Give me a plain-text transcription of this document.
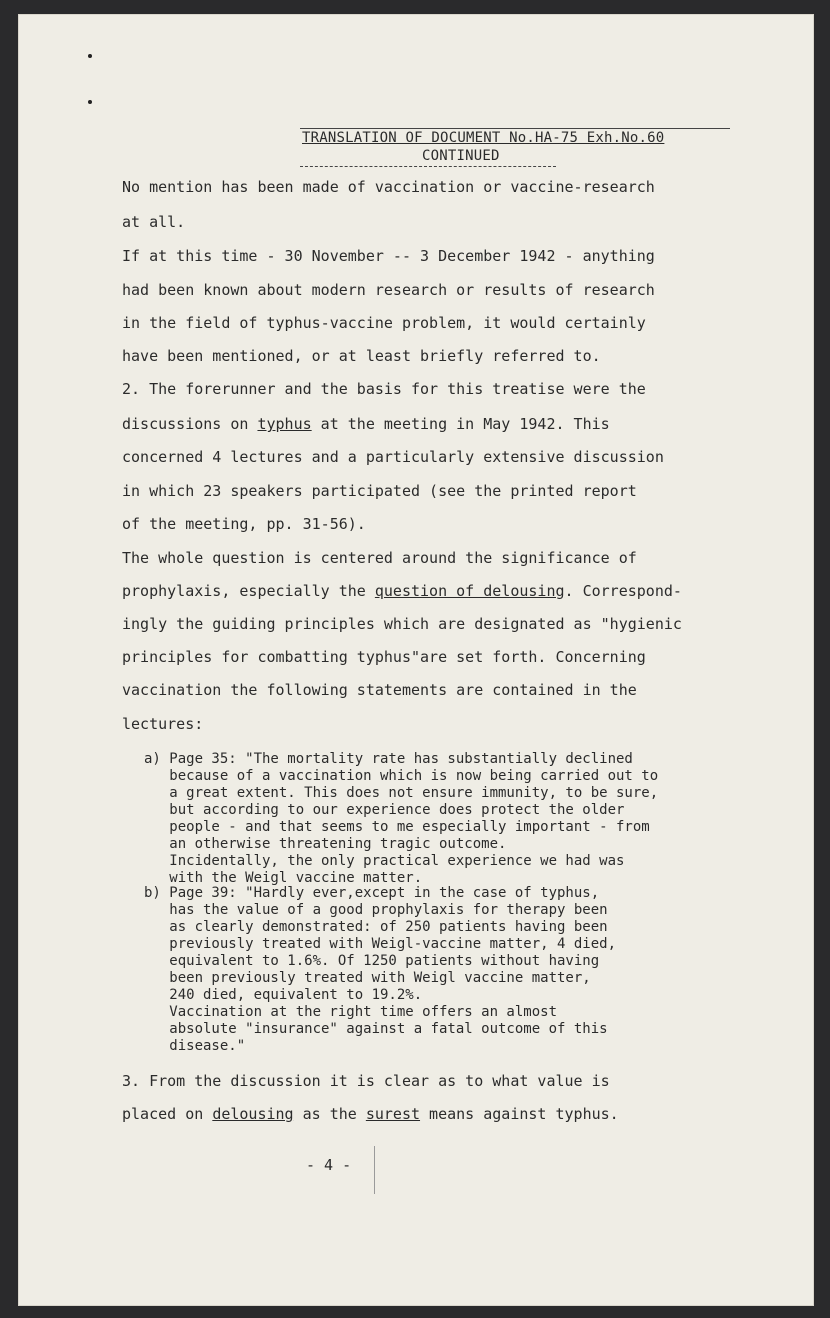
TRANSLATION OF DOCUMENT No.HA-75 Exh.No.60
CONTINUED
No mention has been made of vaccination or vaccine-research
at all.
If at this time - 30 November -- 3 December 1942 - anything
had been known about modern research or results of research
in the field of typhus-vaccine problem, it would certainly
have been mentioned, or at least briefly referred to.
2. The forerunner and the basis for this treatise were the
discussions on typhus at the meeting in May 1942. This
concerned 4 lectures and a particularly extensive discussion
in which 23 speakers participated (see the printed report
of the meeting, pp. 31-56).
The whole question is centered around the significance of
prophylaxis, especially the question of delousing. Correspond-
ingly the guiding principles which are designated as "hygienic
principles for combatting typhus"are set forth. Concerning
vaccination the following statements are contained in the
lectures:
a) Page 35: "The mortality rate has substantially declined
because of a vaccination which is now being carried out to
a great extent. This does not ensure immunity, to be sure,
but according to our experience does protect the older
people - and that seems to me especially important - from
an otherwise threatening tragic outcome.
Incidentally, the only practical experience we had was
with the Weigl vaccine matter.
b) Page 39: "Hardly ever,except in the case of typhus,
has the value of a good prophylaxis for therapy been
as clearly demonstrated: of 250 patients having been
previously treated with Weigl-vaccine matter, 4 died,
equivalent to 1.6%. Of 1250 patients without having
been previously treated with Weigl vaccine matter,
240 died, equivalent to 19.2%.
Vaccination at the right time offers an almost
absolute "insurance" against a fatal outcome of this
disease."
3. From the discussion it is clear as to what value is
placed on delousing as the surest means against typhus.
- 4 -
